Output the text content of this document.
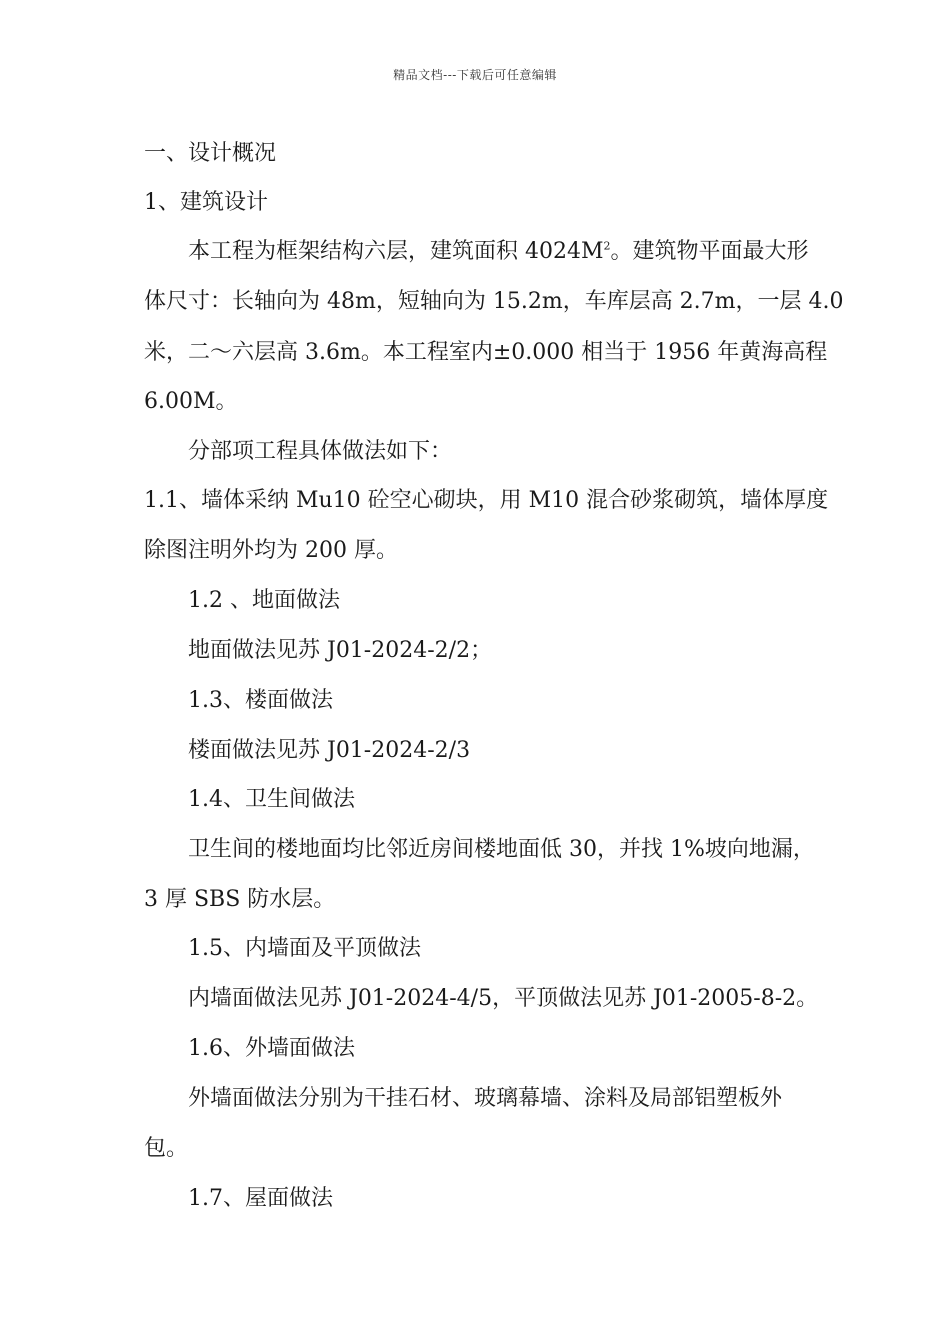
精品文档---下载后可任意编辑
一、设计概况
1、建筑设计
本工程为框架结构六层，建筑面积 $4024M^2$。建筑物平面最大形
体尺寸：长轴向为 48m，短轴向为 15.2m，车库层高 2.7m，一层 4.0
米，二～六层高 3.6m。本工程室内±0.000 相当于 1956 年黄海高程
6.00M。
分部项工程具体做法如下：
1.1、墙体采纳 Mu10 砼空心砌块，用 M10 混合砂浆砌筑，墙体厚度
除图注明外均为 200 厚。
1.2 、地面做法
地面做法见苏 J01-2024-2/2；
1.3、楼面做法
楼面做法见苏 J01-2024-2/3
1.4、卫生间做法
卫生间的楼地面均比邻近房间楼地面低 30，并找 1%坡向地漏，
3 厚 SBS 防水层。
1.5、内墙面及平顶做法
内墙面做法见苏 J01-2024-4/5，平顶做法见苏 J01-2005-8-2。
1.6、外墙面做法
外墙面做法分别为干挂石材、玻璃幕墙、涂料及局部铝塑板外
包。
1.7、屋面做法
